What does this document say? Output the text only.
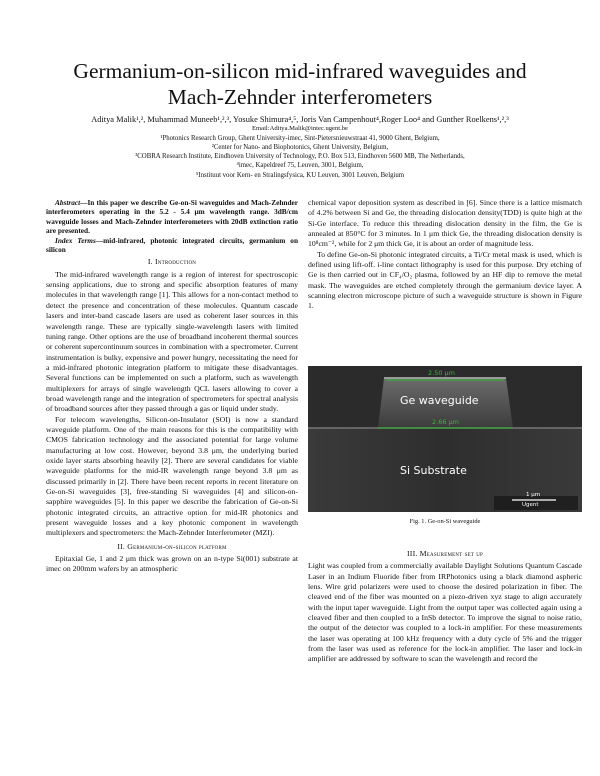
Germanium-on-silicon mid-infrared waveguides and
Mach-Zehnder interferometers
Aditya Malik¹,², Muhammad Muneeb¹,²,³, Yosuke Shimura⁴,⁵, Joris Van Campenhout⁴,Roger Loo⁴ and Gunther Roelkens¹,²,³
Email:Aditya.Malik@intec.ugent.be
¹Photonics Research Group, Ghent University-imec, Sint-Pietersnieuwstraat 41, 9000 Ghent, Belgium,
²Center for Nano- and Biophotonics, Ghent University, Belgium,
³COBRA Research Institute, Eindhoven University of Technology, P.O. Box 513, Eindhoven 5600 MB, The Netherlands,
⁴imec, Kapeldreef 75, Leuven, 3001, Belgium,
⁵Instituut voor Kern- en Stralingsfysica, KU Leuven, 3001 Leuven, Belgium
Abstract—In this paper we describe Ge-on-Si waveguides and Mach-Zehnder interferometers operating in the 5.2 - 5.4 μm wavelength range. 3dB/cm waveguide losses and Mach-Zehnder interferometers with 20dB extinction ratio are presented.
Index Terms—mid-infrared, photonic integrated circuits, germanium on silicon
I. Introduction

The mid-infrared wavelength range is a region of interest for spectroscopic sensing applications, due to strong and specific absorption features of many molecules in that wavelength range [1]. This allows for a non-contact method to detect the presence and concentration of these molecules. Quantum cascade lasers and inter-band cascade lasers are used as coherent laser sources in this wavelength range. These are typically single-wavelength lasers with limited tuning range. Other options are the use of broadband incoherent thermal sources or coherent supercontinuum sources in combination with a spectrometer. Current instrumentation is bulky, expensive and power hungry, necessitating the need for a mid-infrared photonic integration platform to mitigate these disadvantages. Several functions can be implemented on such a platform, such as wavelength multiplexers for arrays of single wavelength QCL lasers allowing to cover a broad wavelength range and the integration of spectrometers for spectral analysis of broadband sources after they passed through a gas or liquid under study.

For telecom wavelengths, Silicon-on-Insulator (SOI) is now a standard waveguide platform. One of the main reasons for this is the compatibility with CMOS fabrication technology and the associated potential for large volume manufacturing at low cost. However, beyond 3.8 μm, the underlying buried oxide layer starts absorbing heavily [2]. There are several candidates for viable waveguide platforms for the mid-IR wavelength range beyond 3.8 μm as discussed primarily in [2]. There have been recent reports in recent literature on Ge-on-Si waveguides [3], free-standing Si waveguides [4] and silicon-on-sapphire waveguides [5]. In this paper we describe the fabrication of Ge-on-Si photonic integrated circuits, an attractive option for mid-IR photonics and present waveguide losses and a key photonic component in wavelength multiplexers and spectrometers: the Mach-Zehnder Interferometer (MZI).

II. Germanium-on-silicon platform

Epitaxial Ge, 1 and 2 μm thick was grown on an n-type Si(001) substrate at imec on 200mm wafers by an atmospheric

chemical vapor deposition system as described in [6]. Since there is a lattice mismatch of 4.2% between Si and Ge, the threading dislocation density(TDD) is quite high at the Si-Ge interface. To reduce this threading dislocation density in the film, the Ge is annealed at 850°C for 3 minutes. In 1 μm thick Ge, the threading dislocation density is 10⁸cm⁻², while for 2 μm thick Ge, it is about an order of magnitude less.

To define Ge-on-Si photonic integrated circuits, a Ti/Cr metal mask is used, which is defined using lift-off. i-line contact lithography is used for this purpose. Dry etching of Ge is then carried out in CF₄/O₂ plasma, followed by an HF dip to remove the metal mask. The waveguides are etched completely through the germanium device layer. A scanning electron microscope picture of such a waveguide structure is shown in Figure 1.

2.50 μm
Ge waveguide
2.66 μm
Si Substrate
1 μm
Ugent
Fig. 1. Ge-on-Si waveguide
III. Measurement set up

Light was coupled from a commercially available Daylight Solutions Quantum Cascade Laser in an Indium Fluoride fiber from IRPhotonics using a black diamond aspheric lens. Wire grid polarizers were used to choose the desired polarization in fiber. The cleaved end of the fiber was mounted on a piezo-driven xyz stage to align accurately with the input taper waveguide. Light from the output taper was collected again using a cleaved fiber and then coupled to a InSb detector. To improve the signal to noise ratio, the output of the detector was coupled to a lock-in amplifier. For these measurements the laser was operating at 100 kHz frequency with a duty cycle of 5% and the trigger from the laser was used as reference for the lock-in amplifier. The laser and lock-in amplifier are addressed by software to scan the wavelength and record the
